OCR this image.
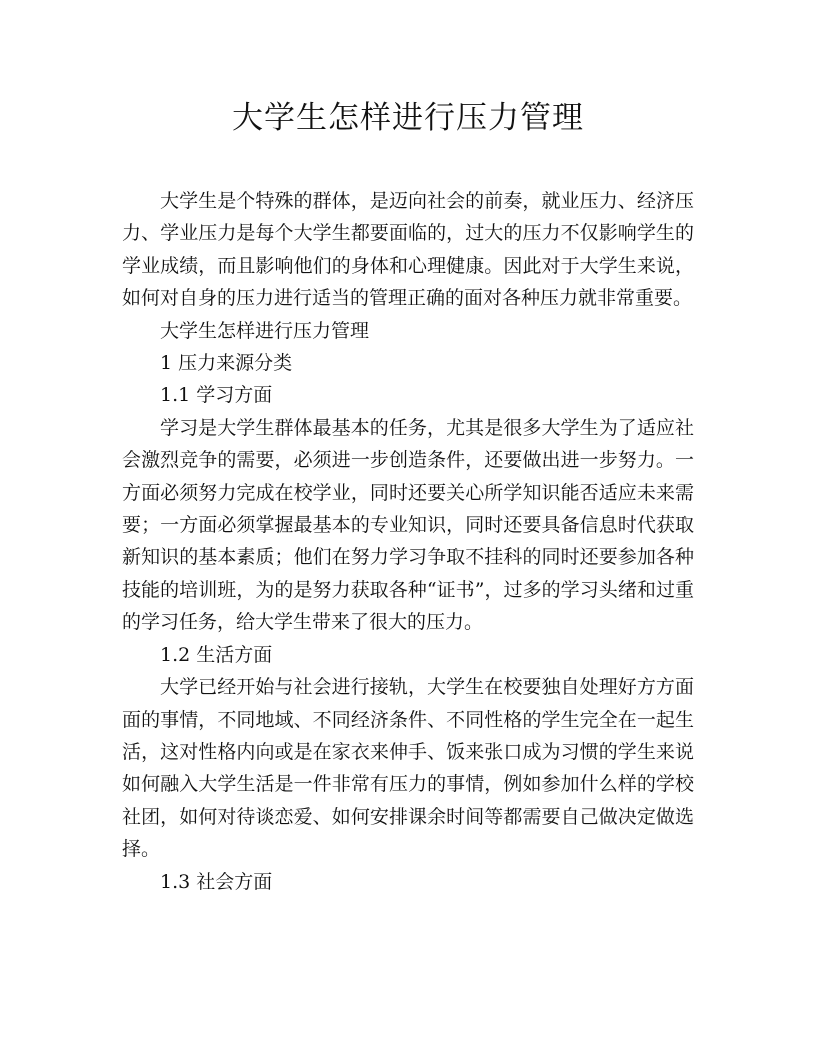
大学生怎样进行压力管理

大学生是个特殊的群体，是迈向社会的前奏，就业压力、经济压力、学业压力是每个大学生都要面临的，过大的压力不仅影响学生的学业成绩，而且影响他们的身体和心理健康。因此对于大学生来说，如何对自身的压力进行适当的管理正确的面对各种压力就非常重要。

大学生怎样进行压力管理

1 压力来源分类

1.1 学习方面

学习是大学生群体最基本的任务，尤其是很多大学生为了适应社会激烈竞争的需要，必须进一步创造条件，还要做出进一步努力。一方面必须努力完成在校学业，同时还要关心所学知识能否适应未来需要；一方面必须掌握最基本的专业知识，同时还要具备信息时代获取新知识的基本素质；他们在努力学习争取不挂科的同时还要参加各种技能的培训班，为的是努力获取各种“证书”，过多的学习头绪和过重的学习任务，给大学生带来了很大的压力。

1.2 生活方面

大学已经开始与社会进行接轨，大学生在校要独自处理好方方面面的事情，不同地域、不同经济条件、不同性格的学生完全在一起生活，这对性格内向或是在家衣来伸手、饭来张口成为习惯的学生来说如何融入大学生活是一件非常有压力的事情，例如参加什么样的学校社团，如何对待谈恋爱、如何安排课余时间等都需要自己做决定做选择。

1.3 社会方面
